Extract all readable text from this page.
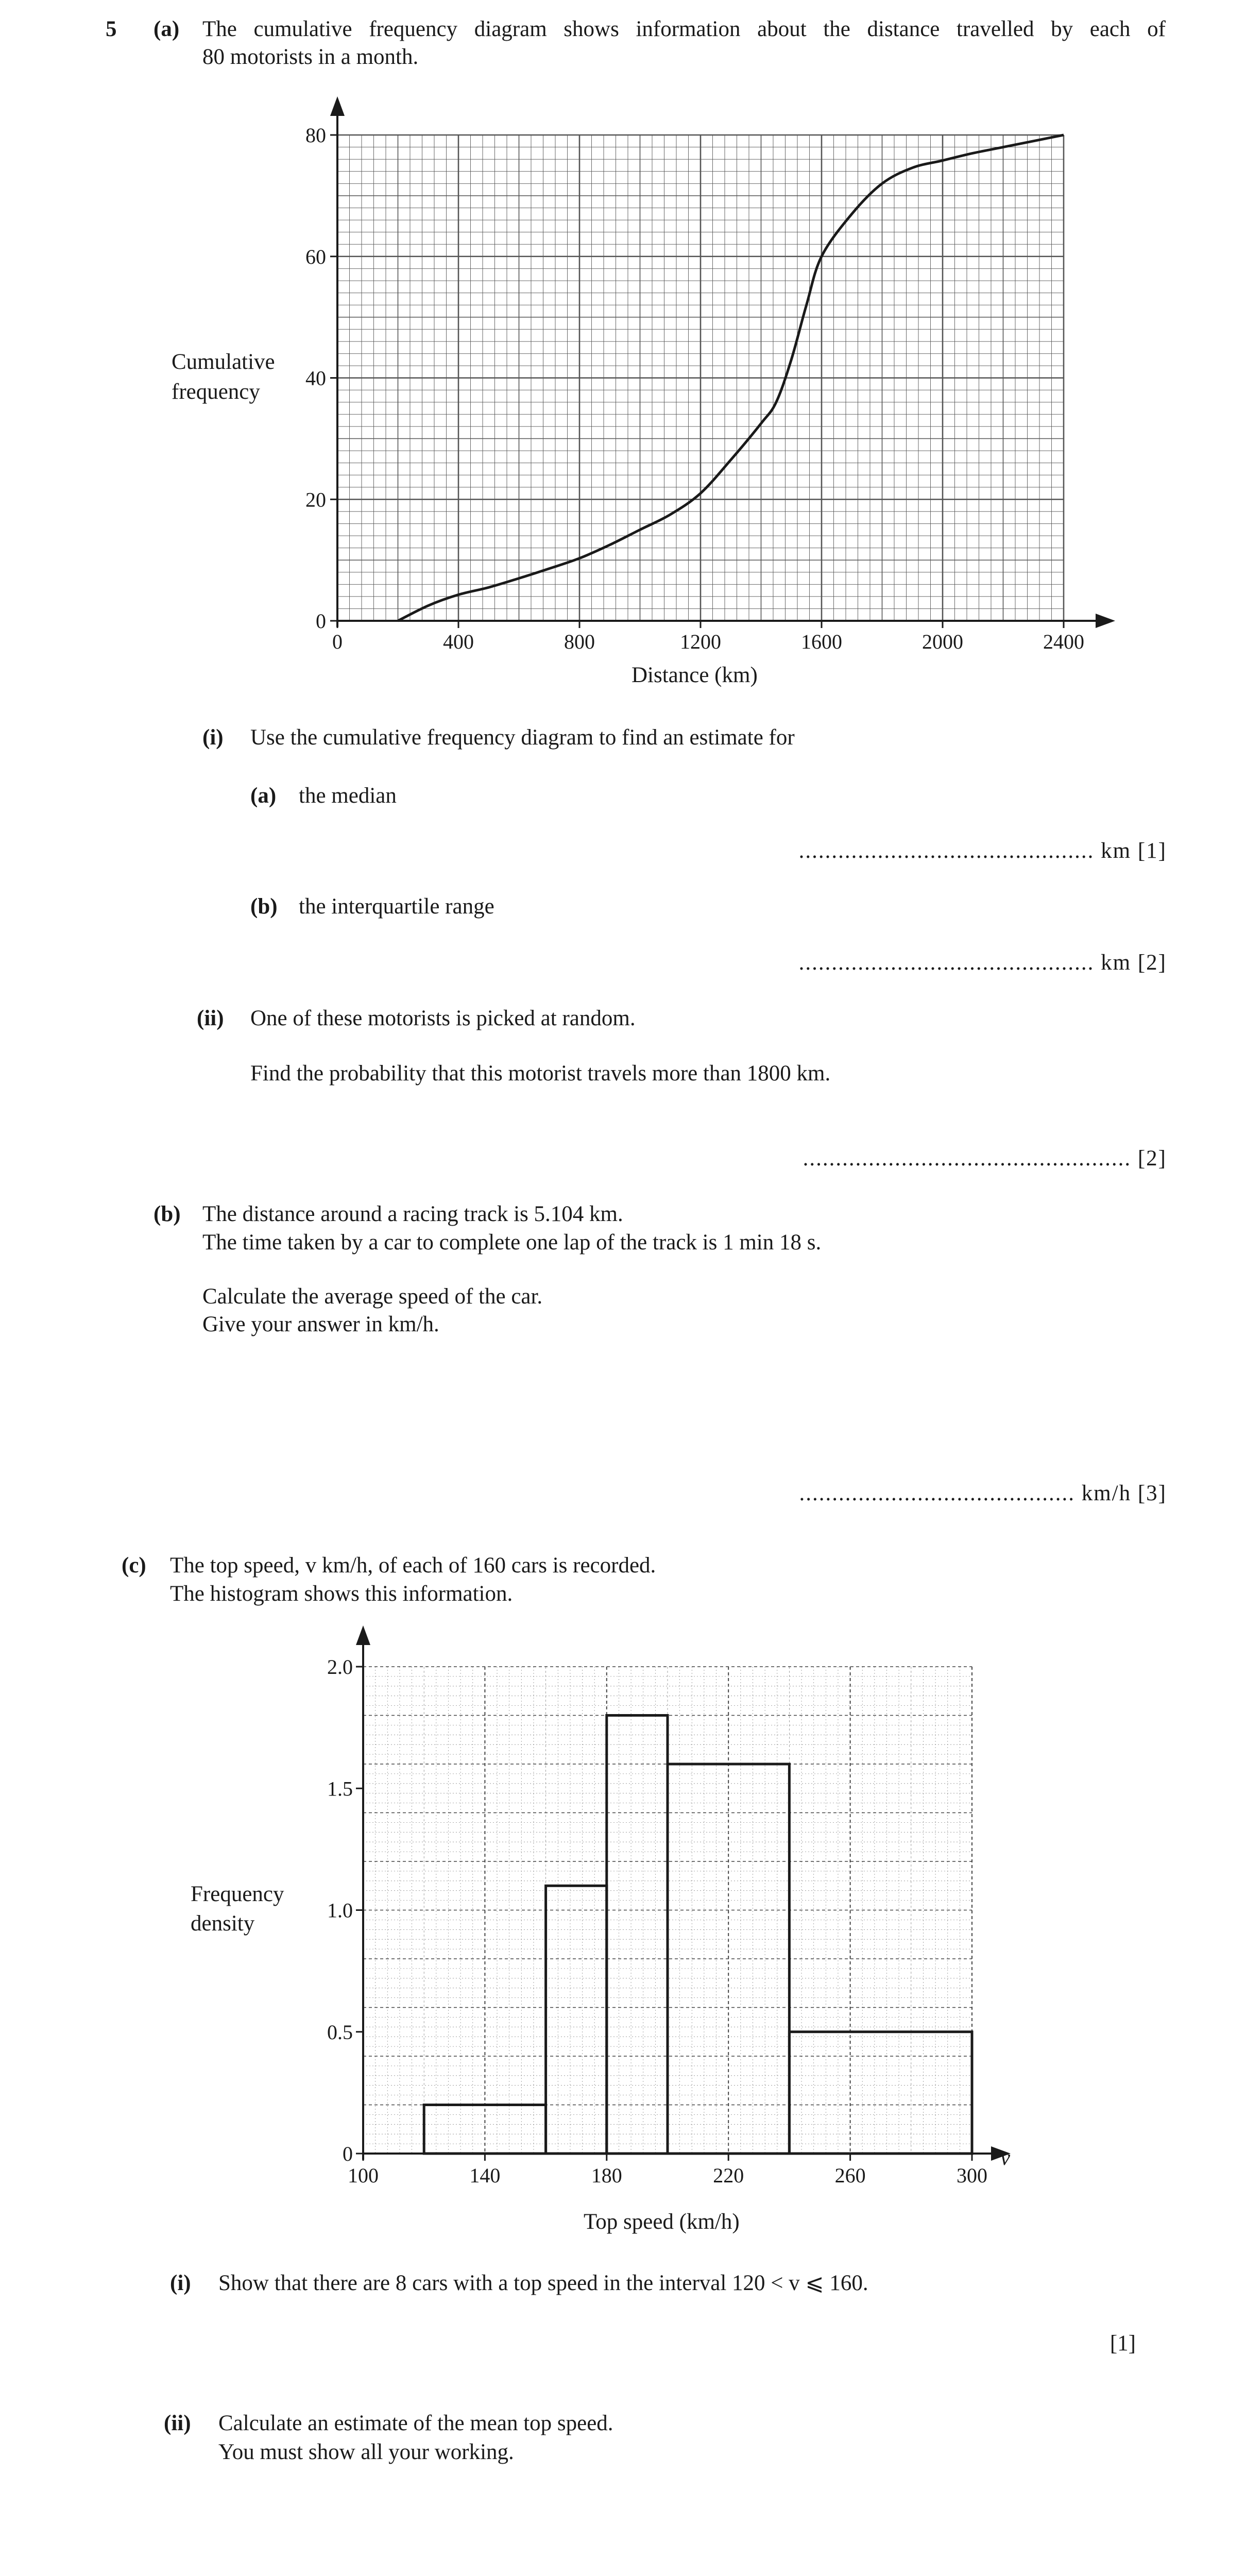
5 (a) The cumulative frequency diagram shows information about the distance travelled by each of
80 motorists in a month.
0	400	800	1200	1600	2000	2400
0
20
40
60
80
Cumulative
frequency
Distance (km)
(i) Use the cumulative frequency diagram to find an estimate for
(a) the median
............................................. km [1]
(b) the interquartile range
............................................. km [2]
(ii) One of these motorists is picked at random.
Find the probability that this motorist travels more than 1800 km.
.................................................. [2]
(b) The distance around a racing track is 5.104 km.
The time taken by a car to complete one lap of the track is 1 min 18 s.
Calculate the average speed of the car.
Give your answer in km/h.
.......................................... km/h [3]
(c) The top speed, v km/h, of each of 160 cars is recorded.
The histogram shows this information.
100	140	180	220	260	300
0
0.5
1.0
1.5
2.0
Frequency
density
Top speed (km/h)
v
(i) Show that there are 8 cars with a top speed in the interval 120 < v ⩽ 160.
[1]
(ii) Calculate an estimate of the mean top speed.
You must show all your working.
